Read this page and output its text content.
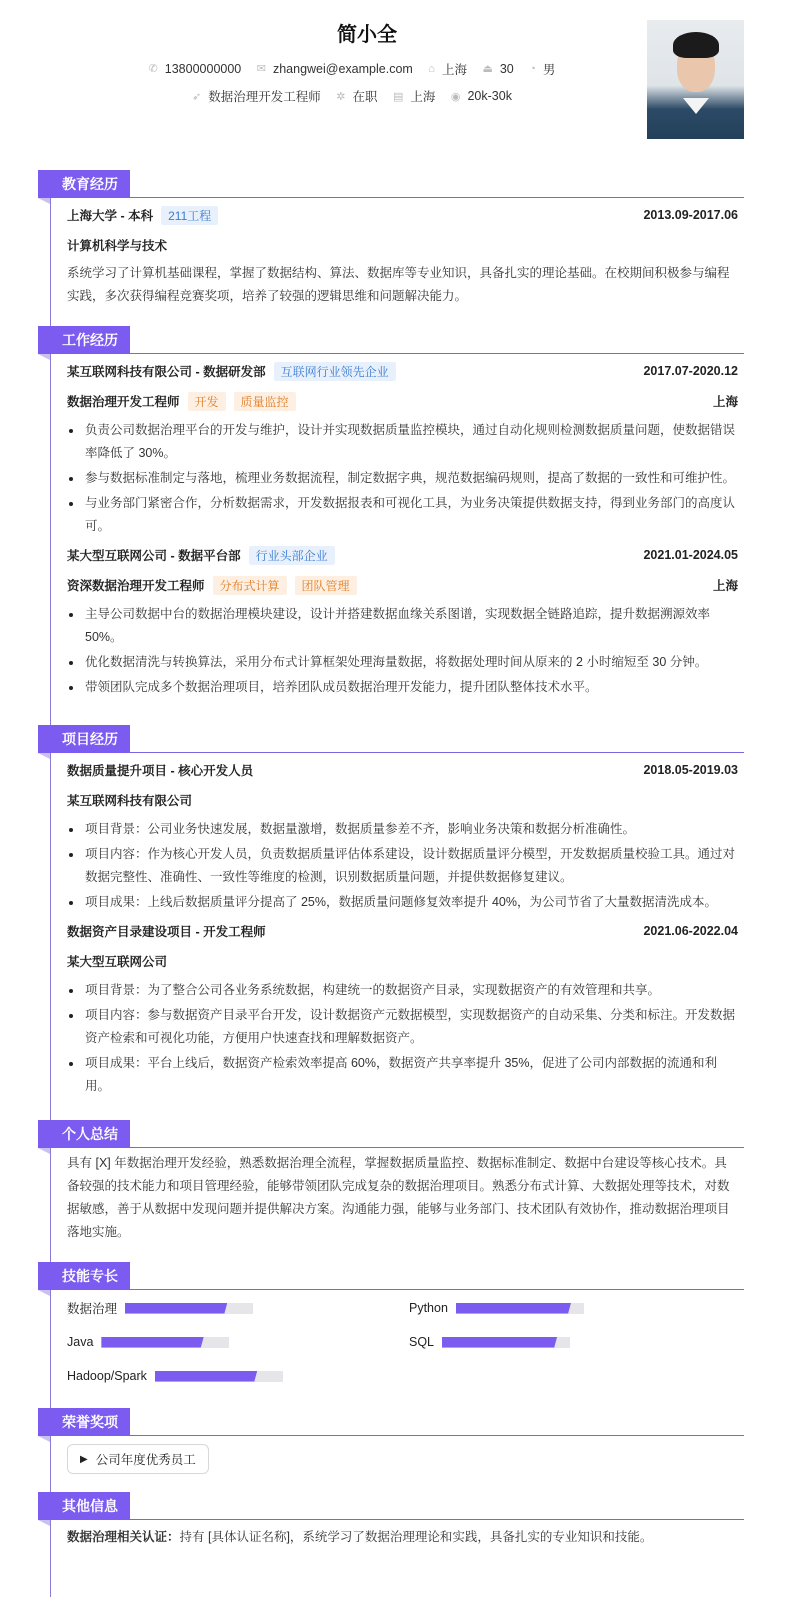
简小全
✆ 13800000000
✉ zhangwei@example.com
⌂ 上海
⏏ 30
◔ 男
➶ 数据治理开发工程师
✲ 在职
▤ 上海
◉ 20k-30k
教育经历
上海大学 - 本科	211工程	2013.09-2017.06
计算机科学与技术

系统学习了计算机基础课程，掌握了数据结构、算法、数据库等专业知识，具备扎实的理论基础。在校期间积极参与编程实践，多次获得编程竞赛奖项，培养了较强的逻辑思维和问题解决能力。

工作经历
某互联网科技有限公司 - 数据研发部	互联网行业领先企业	2017.07-2020.12
数据治理开发工程师	开发	质量监控	上海
负责公司数据治理平台的开发与维护，设计并实现数据质量监控模块，通过自动化规则检测数据质量问题，使数据错误率降低了 30%。
参与数据标准制定与落地，梳理业务数据流程，制定数据字典，规范数据编码规则，提高了数据的一致性和可维护性。
与业务部门紧密合作，分析数据需求，开发数据报表和可视化工具，为业务决策提供数据支持，得到业务部门的高度认可。
某大型互联网公司 - 数据平台部	行业头部企业	2021.01-2024.05
资深数据治理开发工程师	分布式计算	团队管理	上海
主导公司数据中台的数据治理模块建设，设计并搭建数据血缘关系图谱，实现数据全链路追踪，提升数据溯源效率 50%。
优化数据清洗与转换算法，采用分布式计算框架处理海量数据，将数据处理时间从原来的 2 小时缩短至 30 分钟。
带领团队完成多个数据治理项目，培养团队成员数据治理开发能力，提升团队整体技术水平。
项目经历
数据质量提升项目 - 核心开发人员	2018.05-2019.03
某互联网科技有限公司
项目背景：公司业务快速发展，数据量激增，数据质量参差不齐，影响业务决策和数据分析准确性。
项目内容：作为核心开发人员，负责数据质量评估体系建设，设计数据质量评分模型，开发数据质量校验工具。通过对数据完整性、准确性、一致性等维度的检测，识别数据质量问题，并提供数据修复建议。
项目成果：上线后数据质量评分提高了 25%，数据质量问题修复效率提升 40%，为公司节省了大量数据清洗成本。
数据资产目录建设项目 - 开发工程师	2021.06-2022.04
某大型互联网公司
项目背景：为了整合公司各业务系统数据，构建统一的数据资产目录，实现数据资产的有效管理和共享。
项目内容：参与数据资产目录平台开发，设计数据资产元数据模型，实现数据资产的自动采集、分类和标注。开发数据资产检索和可视化功能，方便用户快速查找和理解数据资产。
项目成果：平台上线后，数据资产检索效率提高 60%，数据资产共享率提升 35%，促进了公司内部数据的流通和利用。
个人总结

具有 [X] 年数据治理开发经验，熟悉数据治理全流程，掌握数据质量监控、数据标准制定、数据中台建设等核心技术。具备较强的技术能力和项目管理经验，能够带领团队完成复杂的数据治理项目。熟悉分布式计算、大数据处理等技术，对数据敏感，善于从数据中发现问题并提供解决方案。沟通能力强，能够与业务部门、技术团队有效协作，推动数据治理项目落地实施。

技能专长
数据治理	Python
Java	SQL
Hadoop/Spark
荣誉奖项
▶ 公司年度优秀员工
其他信息

数据治理相关认证：持有 [具体认证名称]，系统学习了数据治理理论和实践，具备扎实的专业知识和技能。
